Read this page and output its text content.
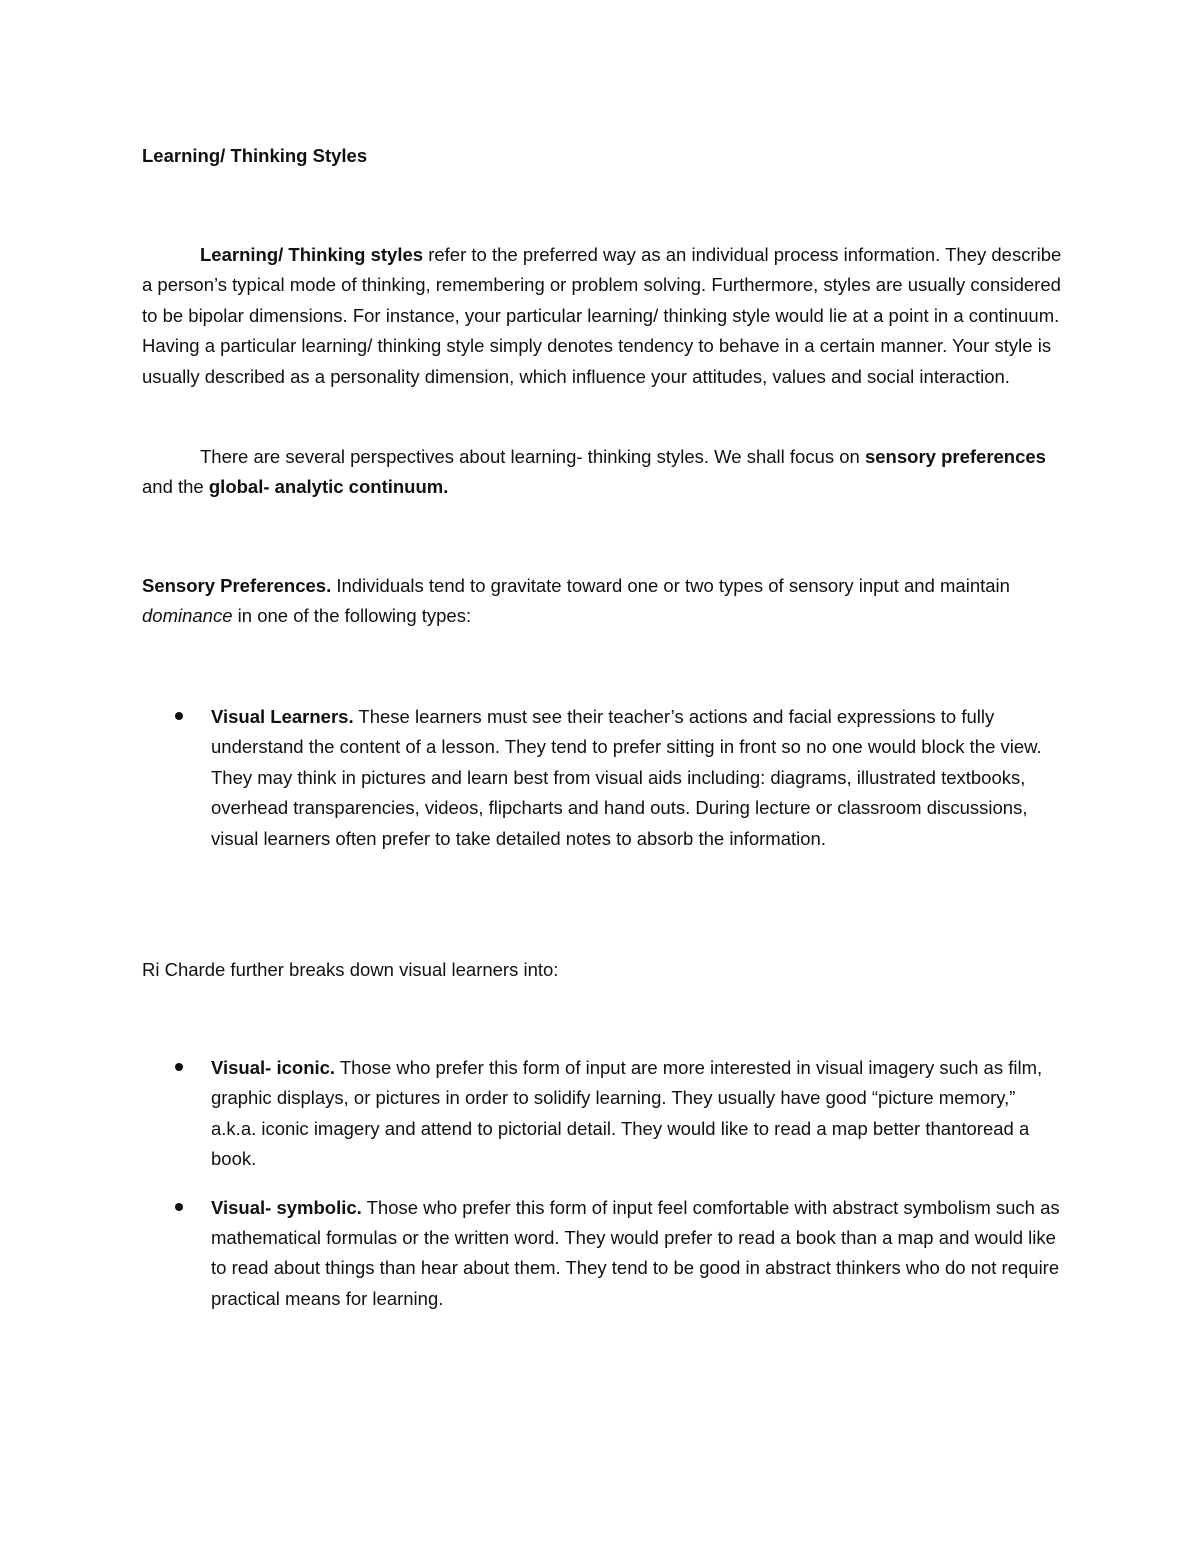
Learning/ Thinking Styles

Learning/ Thinking styles refer to the preferred way as an individual process information. They describe a person’s typical mode of thinking, remembering or problem solving. Furthermore, styles are usually considered to be bipolar dimensions. For instance, your particular learning/ thinking style would lie at a point in a continuum. Having a particular learning/ thinking style simply denotes tendency to behave in a certain manner. Your style is usually described as a personality dimension, which influence your attitudes, values and social interaction.

There are several perspectives about learning- thinking styles. We shall focus on sensory preferences and the global- analytic continuum.

Sensory Preferences. Individuals tend to gravitate toward one or two types of sensory input and maintain dominance in one of the following types:

Visual Learners. These learners must see their teacher’s actions and facial expressions to fully understand the content of a lesson. They tend to prefer sitting in front so no one would block the view. They may think in pictures and learn best from visual aids including: diagrams, illustrated textbooks, overhead transparencies, videos, flipcharts and hand outs. During lecture or classroom discussions, visual learners often prefer to take detailed notes to absorb the information.

Ri Charde further breaks down visual learners into:

Visual- iconic. Those who prefer this form of input are more interested in visual imagery such as film, graphic displays, or pictures in order to solidify learning. They usually have good “picture memory,” a.k.a. iconic imagery and attend to pictorial detail. They would like to read a map better thantoread a book.
Visual- symbolic. Those who prefer this form of input feel comfortable with abstract symbolism such as mathematical formulas or the written word. They would prefer to read a book than a map and would like to read about things than hear about them. They tend to be good in abstract thinkers who do not require practical means for learning.
